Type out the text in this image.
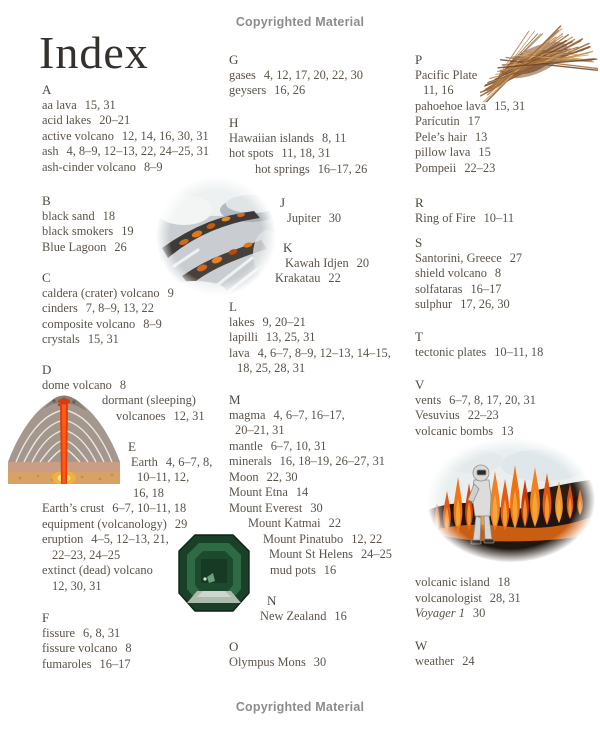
Copyrighted Material
Index
A
aa lava 15, 31
acid lakes 20–21
active volcano 12, 14, 16, 30, 31
ash 4, 8–9, 12–13, 22, 24–25, 31
ash-cinder volcano 8–9
B
black sand 18
black smokers 19
Blue Lagoon 26
C
caldera (crater) volcano 9
cinders 7, 8–9, 13, 22
composite volcano 8–9
crystals 15, 31
D
dome volcano 8
dormant (sleeping)
volcanoes 12, 31
E
Earth 4, 6–7, 8,
10–11, 12,
16, 18
Earth’s crust 6–7, 10–11, 18
equipment (volcanology) 29
eruption 4–5, 12–13, 21,
22–23, 24–25
extinct (dead) volcano
12, 30, 31
F
fissure 6, 8, 31
fissure volcano 8
fumaroles 16–17
G
gases 4, 12, 17, 20, 22, 30
geysers 16, 26
H
Hawaiian islands 8, 11
hot spots 11, 18, 31
hot springs 16–17, 26
J
Jupiter 30
K
Kawah Idjen 20
Krakatau 22
L
lakes 9, 20–21
lapilli 13, 25, 31
lava 4, 6–7, 8–9, 12–13, 14–15,
18, 25, 28, 31
M
magma 4, 6–7, 16–17,
20–21, 31
mantle 6–7, 10, 31
minerals 16, 18–19, 26–27, 31
Moon 22, 30
Mount Etna 14
Mount Everest 30
Mount Katmai 22
Mount Pinatubo 12, 22
Mount St Helens 24–25
mud pots 16
N
New Zealand 16
O
Olympus Mons 30
P
Pacific Plate
11, 16
pahoehoe lava 15, 31
Parícutin 17
Pele’s hair 13
pillow lava 15
Pompeii 22–23
R
Ring of Fire 10–11
S
Santorini, Greece 27
shield volcano 8
solfataras 16–17
sulphur 17, 26, 30
T
tectonic plates 10–11, 18
V
vents 6–7, 8, 17, 20, 31
Vesuvius 22–23
volcanic bombs 13
volcanic island 18
volcanologist 28, 31
Voyager 1 30
W
weather 24
Copyrighted Material
